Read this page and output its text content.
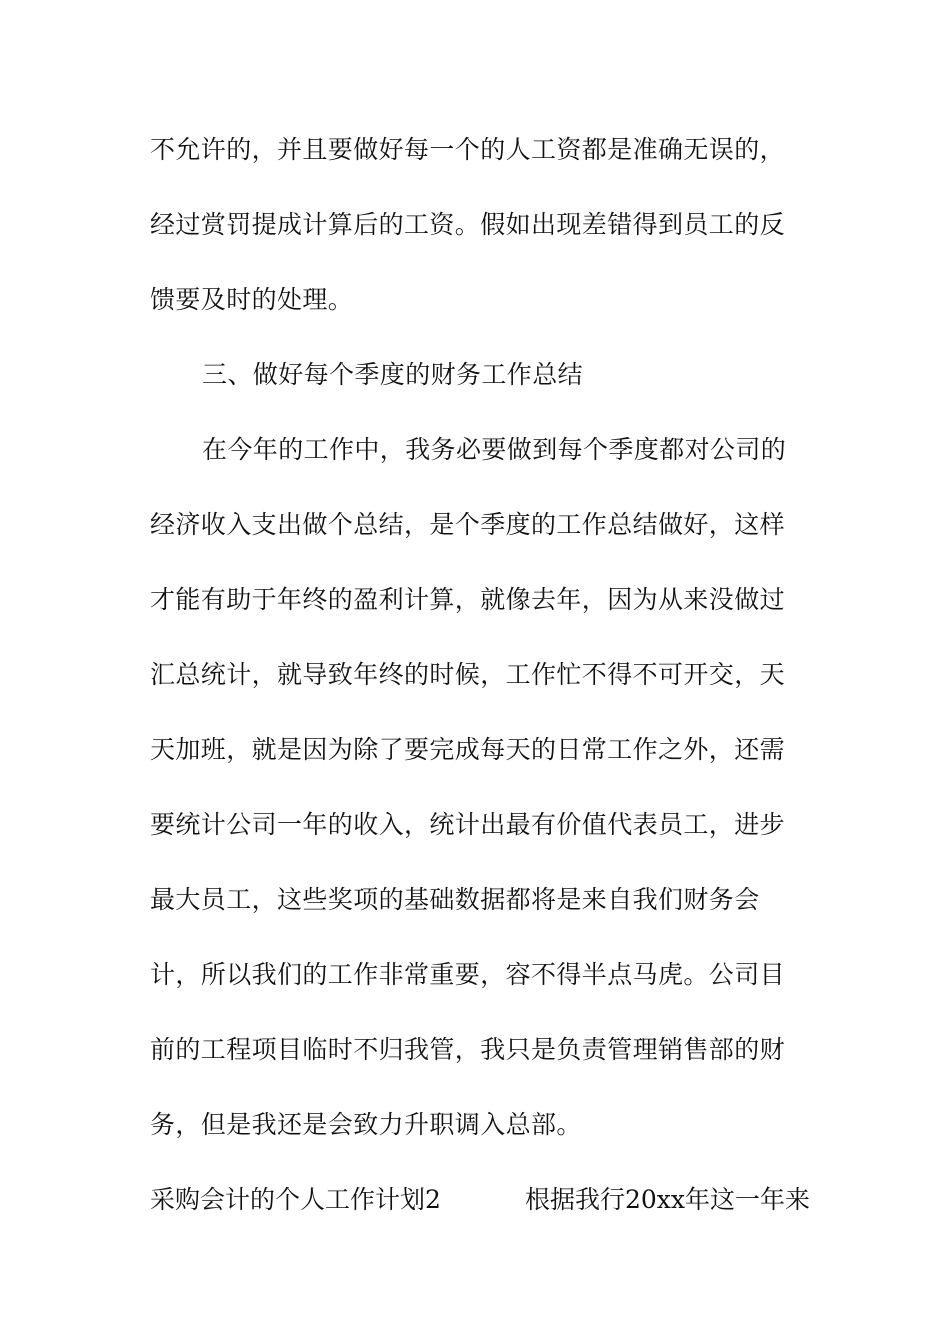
不允许的，并且要做好每一个的人工资都是准确无误的，
经过赏罚提成计算后的工资。假如出现差错得到员工的反
馈要及时的处理。
三、做好每个季度的财务工作总结
在今年的工作中，我务必要做到每个季度都对公司的
经济收入支出做个总结，是个季度的工作总结做好，这样
才能有助于年终的盈利计算，就像去年，因为从来没做过
汇总统计，就导致年终的时候，工作忙不得不可开交，天
天加班，就是因为除了要完成每天的日常工作之外，还需
要统计公司一年的收入，统计出最有价值代表员工，进步
最大员工，这些奖项的基础数据都将是来自我们财务会
计，所以我们的工作非常重要，容不得半点马虎。公司目
前的工程项目临时不归我管，我只是负责管理销售部的财
务，但是我还是会致力升职调入总部。
采购会计的个人工作计划2	根据我行20xx年这一年来
